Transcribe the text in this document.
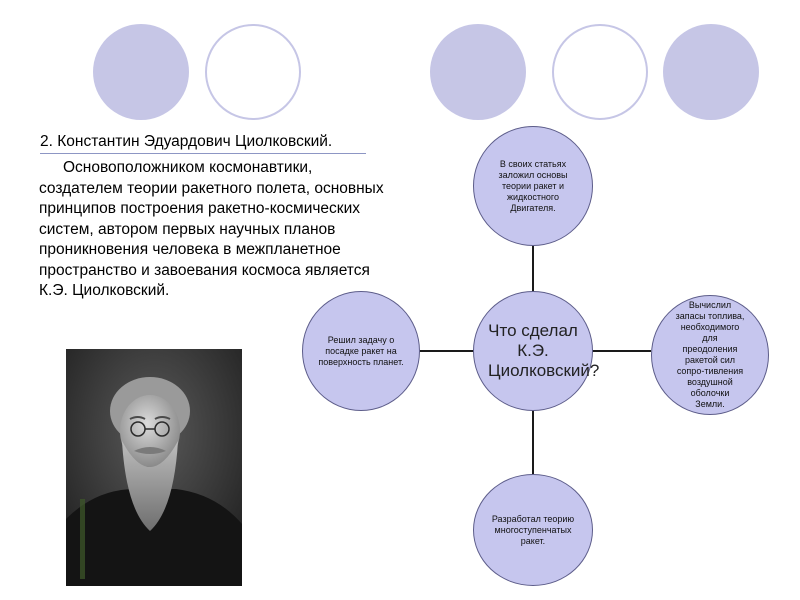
2. Константин Эдуардович Циолковский.
Основоположником космонавтики, создателем теории ракетного полета, основных принципов построения ракетно-космических систем, автором первых научных планов проникновения человека в межпланетное пространство и завоевания космоса является К.Э. Циолковский.
В своих статьях заложил основы теории ракет и жидкостного Двигателя.
Решил задачу о посадке ракет на поверхность планет.
Вычислил запасы топлива, необходимого для преодоления ракетой сил сопро-тивления воздушной оболочки Земли.
Разработал теорию многоступенчатых ракет.
Что сделал К.Э. Циолковский?
